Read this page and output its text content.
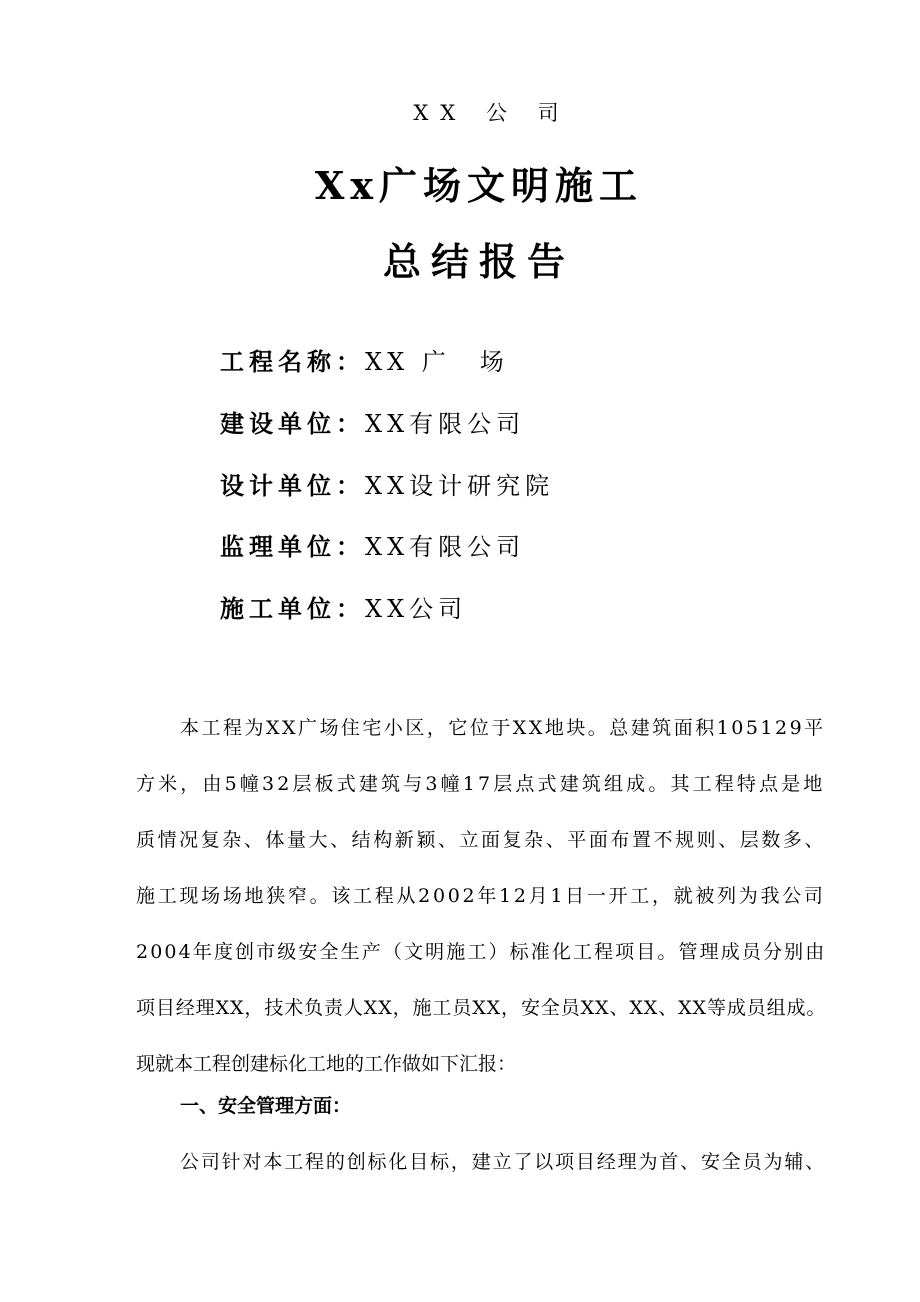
XX 公 司
Xx广场文明施工
总结报告
工程名称：XX 广　场
建设单位：XX有限公司
设计单位：XX设计研究院
监理单位：XX有限公司
施工单位：XX公司
本工程为XX广场住宅小区，它位于XX地块。总建筑面积105129平
方米，由5幢32层板式建筑与3幢17层点式建筑组成。其工程特点是地
质情况复杂、体量大、结构新颖、立面复杂、平面布置不规则、层数多、
施工现场场地狭窄。该工程从2002年12月1日一开工，就被列为我公司
2004年度创市级安全生产（文明施工）标准化工程项目。管理成员分别由
项目经理XX，技术负责人XX，施工员XX，安全员XX、XX、XX等成员组成。
现就本工程创建标化工地的工作做如下汇报：
一、安全管理方面：
公司针对本工程的创标化目标，建立了以项目经理为首、安全员为辅、
